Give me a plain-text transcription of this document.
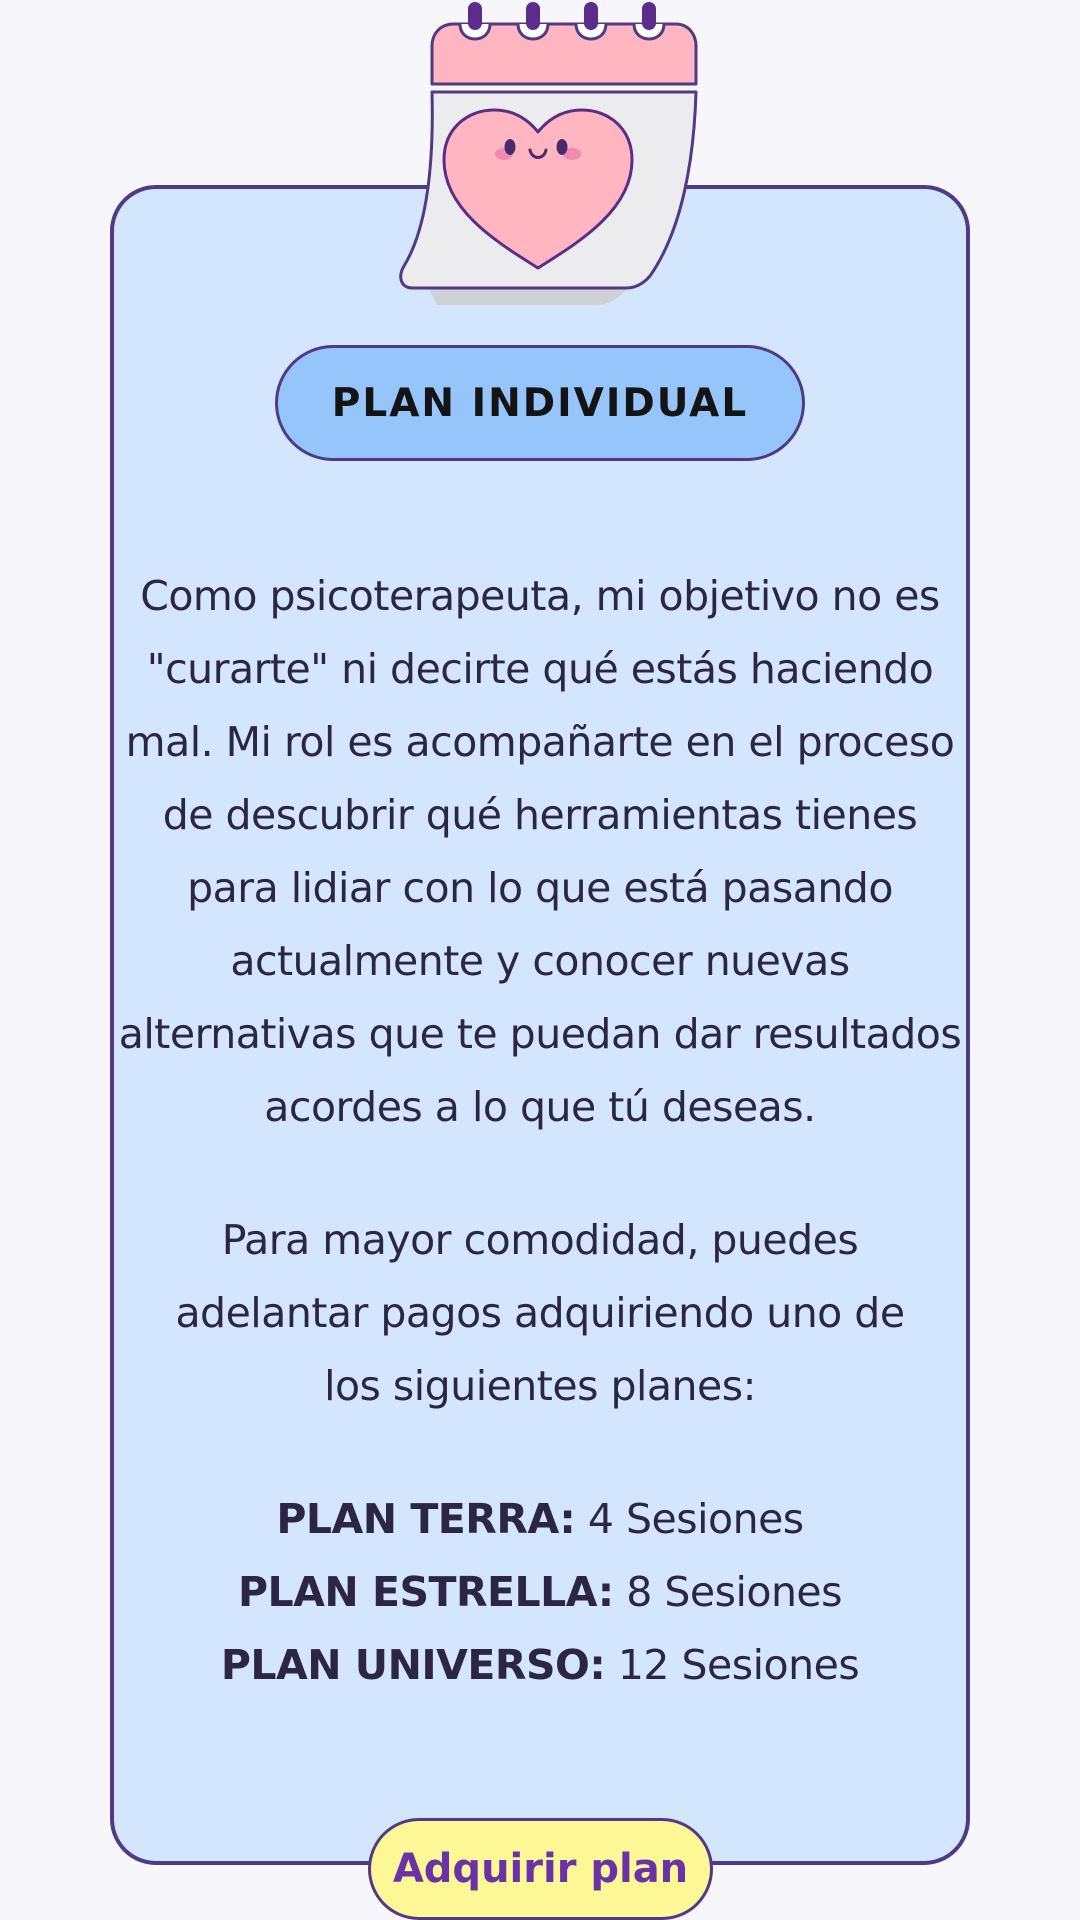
PLAN INDIVIDUAL

Como psicoterapeuta, mi objetivo no es "curarte" ni decirte qué estás haciendo mal. Mi rol es acompañarte en el proceso de descubrir qué herramientas tienes para lidiar con lo que está pasando actualmente y conocer nuevas alternativas que te puedan dar resultados acordes a lo que tú deseas.

Para mayor comodidad, puedes adelantar pagos adquiriendo uno de los siguientes planes:

PLAN TERRA: 4 Sesiones
PLAN ESTRELLA: 8 Sesiones
PLAN UNIVERSO: 12 Sesiones
Adquirir plan
